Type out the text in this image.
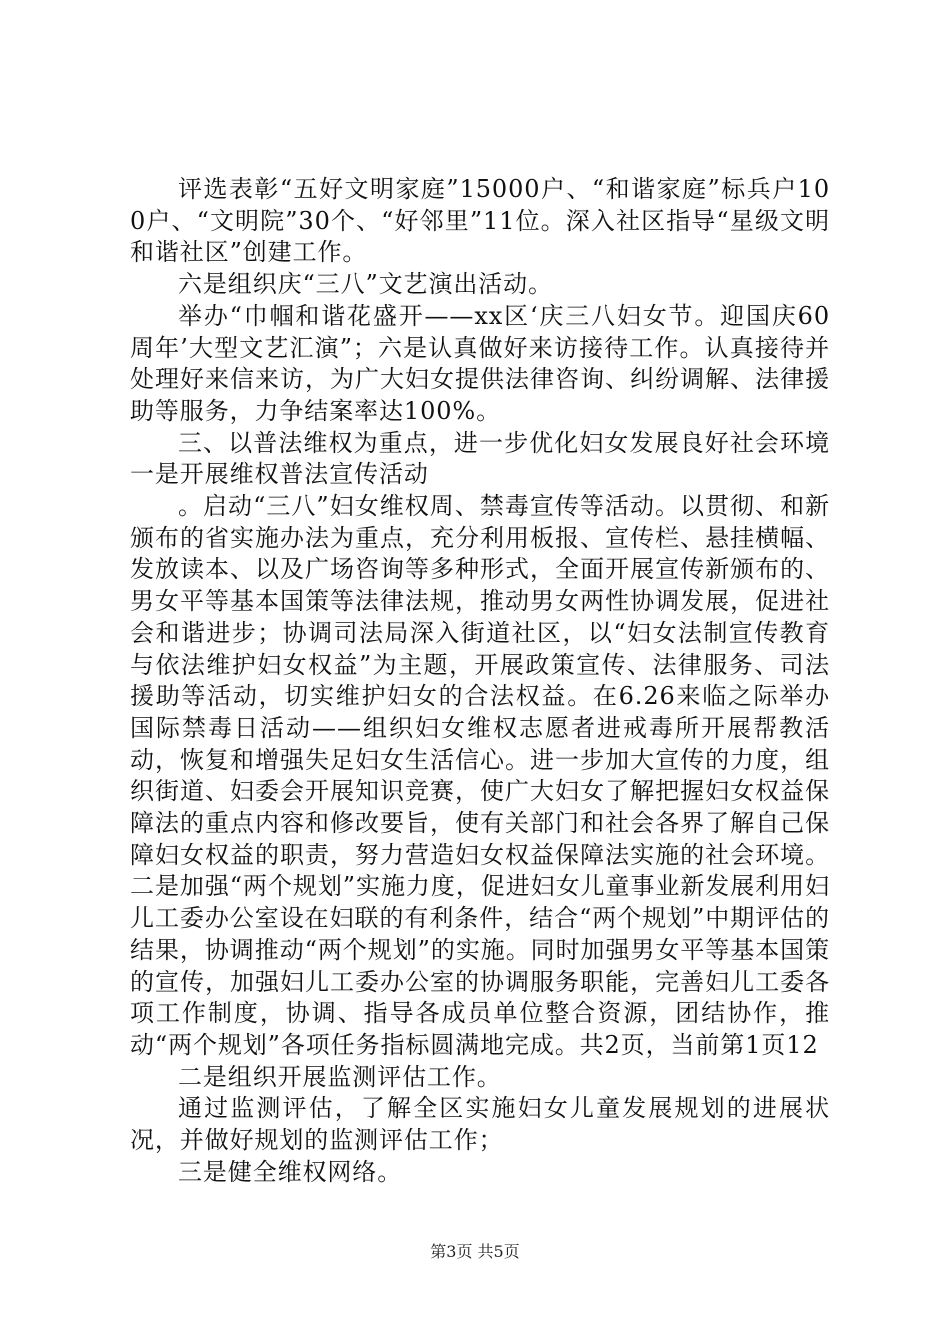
评选表彰“五好文明家庭”15000户、“和谐家庭”标兵户100户、“文明院”30个、“好邻里”11位。深入社区指导“星级文明和谐社区”创建工作。

六是组织庆“三八”文艺演出活动。

举办“巾帼和谐花盛开——xx区‘庆三八妇女节。迎国庆60周年’大型文艺汇演”；六是认真做好来访接待工作。认真接待并处理好来信来访，为广大妇女提供法律咨询、纠纷调解、法律援助等服务，力争结案率达100%。

三、以普法维权为重点，进一步优化妇女发展良好社会环境一是开展维权普法宣传活动

。启动“三八”妇女维权周、禁毒宣传等活动。以贯彻、和新颁布的省实施办法为重点，充分利用板报、宣传栏、悬挂横幅、发放读本、以及广场咨询等多种形式，全面开展宣传新颁布的、男女平等基本国策等法律法规，推动男女两性协调发展，促进社会和谐进步；协调司法局深入街道社区，以“妇女法制宣传教育与依法维护妇女权益”为主题，开展政策宣传、法律服务、司法援助等活动，切实维护妇女的合法权益。在6.26来临之际举办国际禁毒日活动——组织妇女维权志愿者进戒毒所开展帮教活动，恢复和增强失足妇女生活信心。进一步加大宣传的力度，组织街道、妇委会开展知识竞赛，使广大妇女了解把握妇女权益保障法的重点内容和修改要旨，使有关部门和社会各界了解自己保障妇女权益的职责，努力营造妇女权益保障法实施的社会环境。二是加强“两个规划”实施力度，促进妇女儿童事业新发展利用妇儿工委办公室设在妇联的有利条件，结合“两个规划”中期评估的结果，协调推动“两个规划”的实施。同时加强男女平等基本国策的宣传，加强妇儿工委办公室的协调服务职能，完善妇儿工委各项工作制度，协调、指导各成员单位整合资源，团结协作，推动“两个规划”各项任务指标圆满地完成。共2页，当前第1页12

二是组织开展监测评估工作。

通过监测评估，了解全区实施妇女儿童发展规划的进展状况，并做好规划的监测评估工作；

三是健全维权网络。

第3页 共5页
